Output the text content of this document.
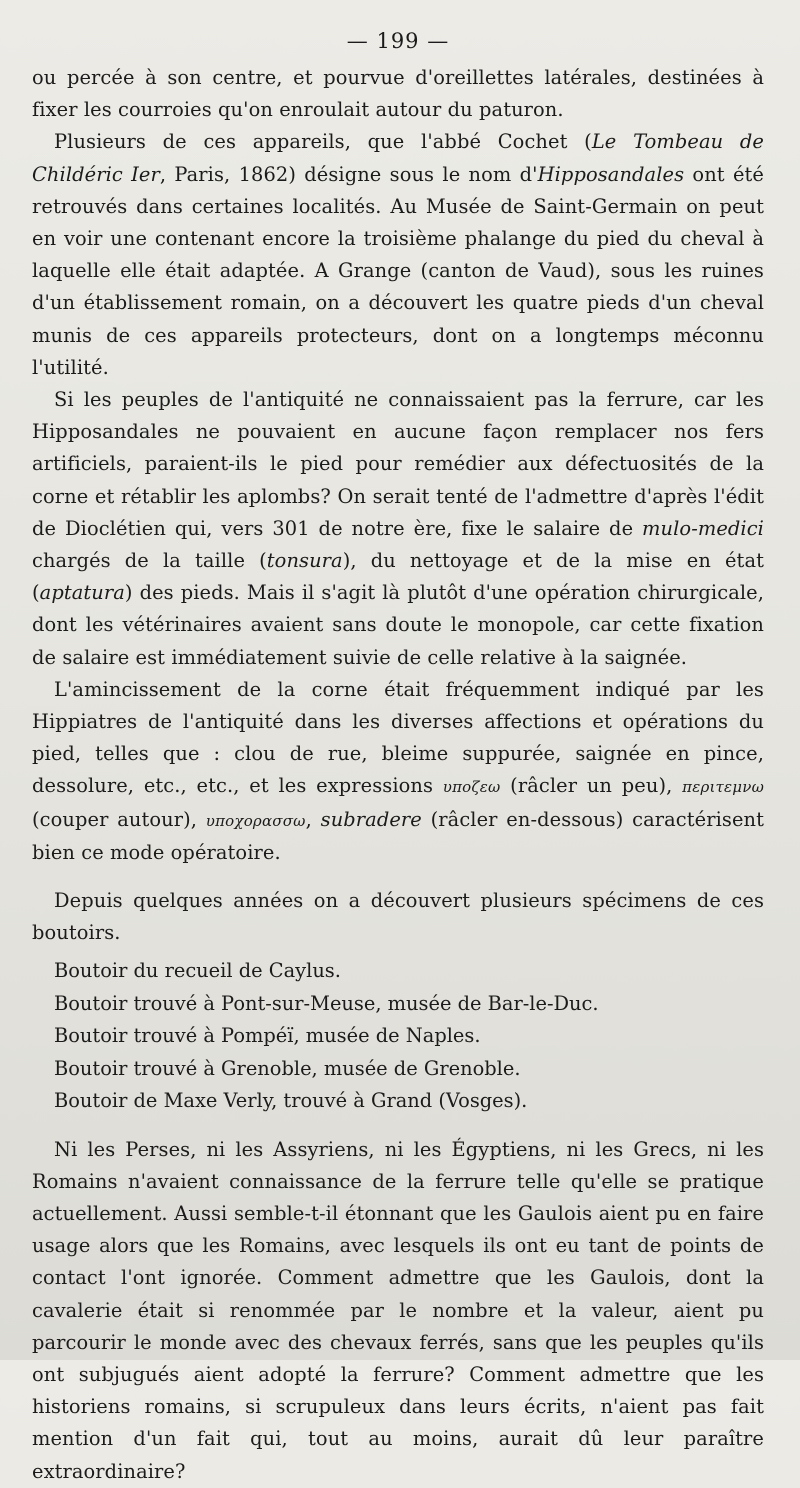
— 199 —

ou percée à son centre, et pourvue d'oreillettes latérales, destinées à fixer les courroies qu'on enroulait autour du paturon.

Plusieurs de ces appareils, que l'abbé Cochet (Le Tombeau de Childéric Ier, Paris, 1862) désigne sous le nom d'Hipposandales ont été retrouvés dans certaines localités. Au Musée de Saint-Germain on peut en voir une contenant encore la troisième phalange du pied du cheval à laquelle elle était adaptée. A Grange (canton de Vaud), sous les ruines d'un établissement romain, on a découvert les quatre pieds d'un cheval munis de ces appareils protecteurs, dont on a longtemps méconnu l'utilité.

Si les peuples de l'antiquité ne connaissaient pas la ferrure, car les Hipposandales ne pouvaient en aucune façon remplacer nos fers artificiels, paraient-ils le pied pour remédier aux défectuosités de la corne et rétablir les aplombs? On serait tenté de l'admettre d'après l'édit de Dioclétien qui, vers 301 de notre ère, fixe le salaire de mulo-medici chargés de la taille (tonsura), du nettoyage et de la mise en état (aptatura) des pieds. Mais il s'agit là plutôt d'une opération chirurgicale, dont les vétérinaires avaient sans doute le monopole, car cette fixation de salaire est immédiatement suivie de celle relative à la saignée.

L'amincissement de la corne était fréquemment indiqué par les Hippiatres de l'antiquité dans les diverses affections et opérations du pied, telles que : clou de rue, bleime suppurée, saignée en pince, dessolure, etc., etc., et les expressions υποζεω (râcler un peu), περιτεμνω (couper autour), υποχορασσω, subradere (râcler en-dessous) caractérisent bien ce mode opératoire.

Depuis quelques années on a découvert plusieurs spécimens de ces boutoirs.

Boutoir du recueil de Caylus.
Boutoir trouvé à Pont-sur-Meuse, musée de Bar-le-Duc.
Boutoir trouvé à Pompéï, musée de Naples.
Boutoir trouvé à Grenoble, musée de Grenoble.
Boutoir de Maxe Verly, trouvé à Grand (Vosges).

Ni les Perses, ni les Assyriens, ni les Égyptiens, ni les Grecs, ni les Romains n'avaient connaissance de la ferrure telle qu'elle se pratique actuellement. Aussi semble-t-il étonnant que les Gaulois aient pu en faire usage alors que les Romains, avec lesquels ils ont eu tant de points de contact l'ont ignorée. Comment admettre que les Gaulois, dont la cavalerie était si renommée par le nombre et la valeur, aient pu parcourir le monde avec des chevaux ferrés, sans que les peuples qu'ils ont subjugués aient adopté la ferrure? Comment admettre que les historiens romains, si scrupuleux dans leurs écrits, n'aient pas fait mention d'un fait qui, tout au moins, aurait dû leur paraître extraordinaire?
